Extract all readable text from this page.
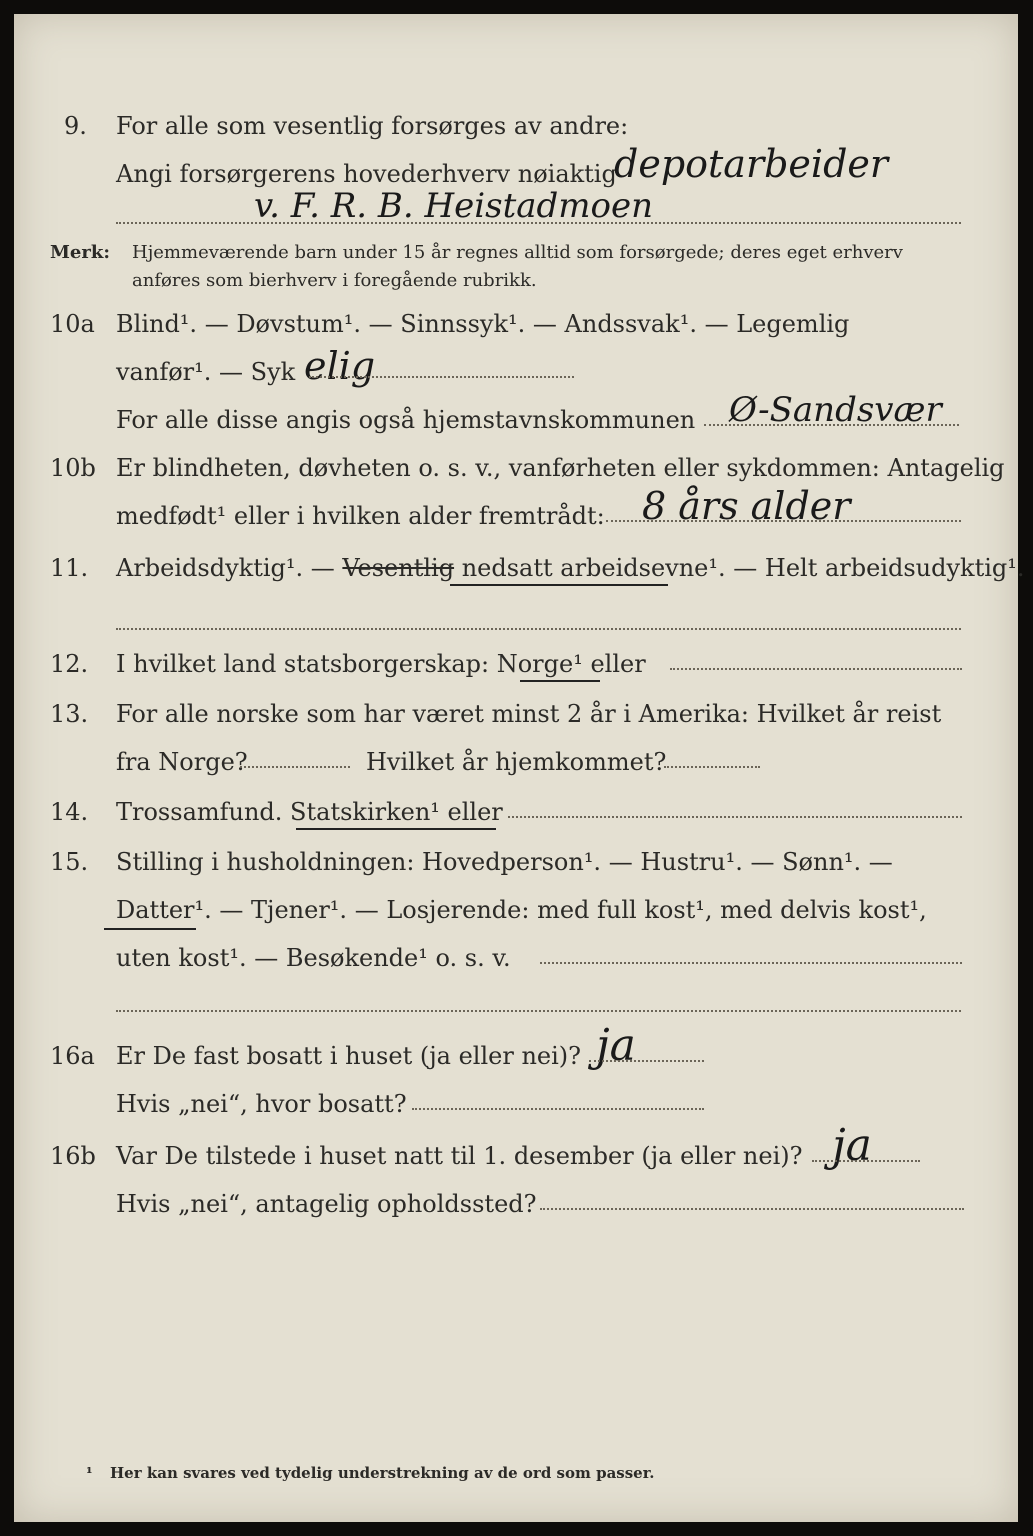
9. For alle som vesentlig forsørges av andre:
Angi forsørgerens hovederhverv nøiaktig
depotarbeider
v. F. R. B. Heistadmoen
Merk: Hjemmeværende barn under 15 år regnes alltid som forsørgede; deres eget erhverv
anføres som bierhverv i foregående rubrikk.
10a Blind¹. — Døvstum¹. — Sinnssyk¹. — Andssvak¹. — Legemlig
vanfør¹. — Syk elig
For alle disse angis også hjemstavnskommunen Ø-Sandsvær
10b Er blindheten, døvheten o. s. v., vanførheten eller sykdommen: Antagelig
medfødt¹ eller i hvilken alder fremtrådt: 8 års alder
11. Arbeidsdyktig¹. — Vesentlig nedsatt arbeidsevne¹. — Helt arbeidsudyktig¹.
12. I hvilket land statsborgerskap: Norge¹ eller
13. For alle norske som har været minst 2 år i Amerika: Hvilket år reist
fra Norge?	Hvilket år hjemkommet?
14. Trossamfund. Statskirken¹ eller
15. Stilling i husholdningen: Hovedperson¹. — Hustru¹. — Sønn¹. —
Datter¹. — Tjener¹. — Losjerende: med full kost¹, med delvis kost¹,
uten kost¹. — Besøkende¹ o. s. v.
16a Er De fast bosatt i huset (ja eller nei)? ja
Hvis „nei“, hvor bosatt?
16b Var De tilstede i huset natt til 1. desember (ja eller nei)? ja
Hvis „nei“, antagelig opholdssted?
¹ Her kan svares ved tydelig understrekning av de ord som passer.
